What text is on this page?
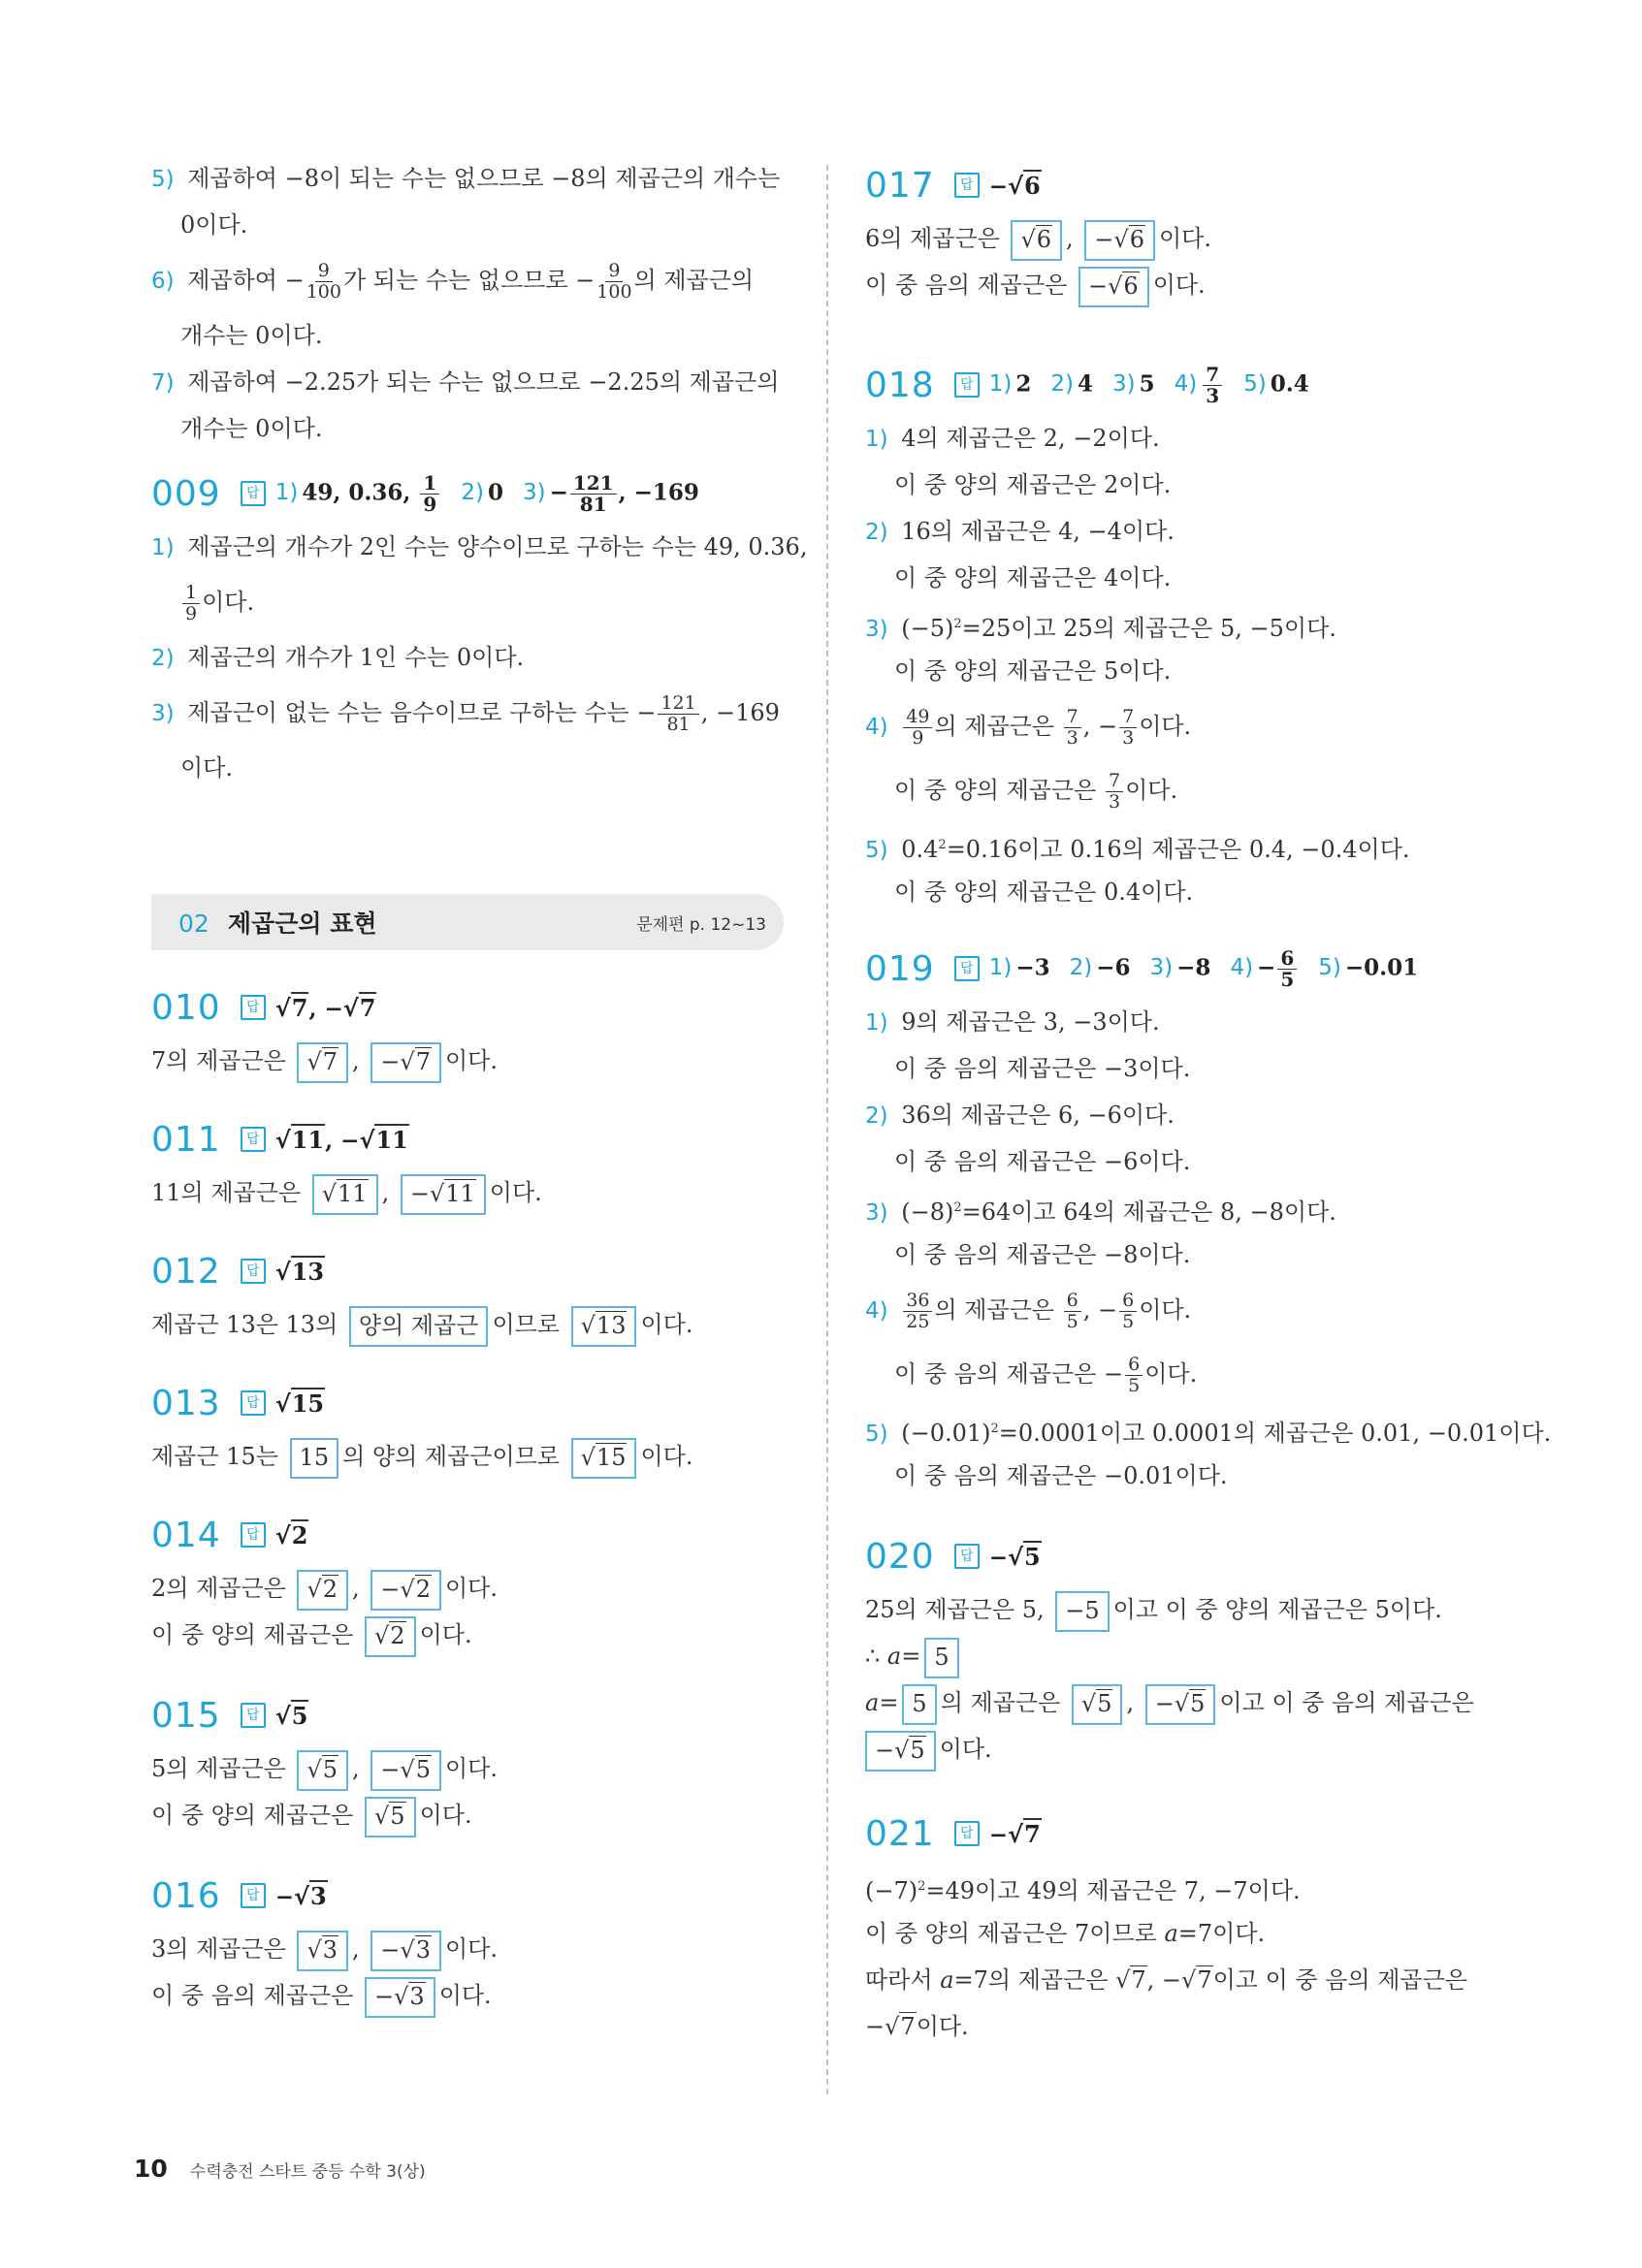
5) 제곱하여 −8이 되는 수는 없으므로 −8의 제곱근의 개수는
0이다.
6) 제곱하여 − $\frac{9}{100}$ 가 되는 수는 없으므로 − $\frac{9}{100}$ 의 제곱근의
개수는 0이다.
7) 제곱하여 −2.25가 되는 수는 없으므로 −2.25의 제곱근의
개수는 0이다.
009	답 1) 49, 0.36, $\frac{1}{9} 2$) 0 $3) - \frac{121}{81}$ , −169
1) 제곱근의 개수가 2인 수는 양수이므로 구하는 수는 49, 0.36,
$\frac{1}{9}$ 이다.
2) 제곱근의 개수가 1인 수는 0이다.
3) 제곱근이 없는 수는 음수이므로 구하는 수는 − $\frac{121}{81}$ , −169
이다.
02 제곱근의 표현	문제편 p. 12~13
010	답 √7, −√7
7의 제곱근은 √7 , −√7 이다.
011	답 √11, −√11
11의 제곱근은 √11 , −√11 이다.
012	답 √13
제곱근 13은 13의 양의 제곱근 이므로 √13 이다.
013	답 √15
제곱근 15는 15 의 양의 제곱근이므로 √15 이다.
014	답 √2
2의 제곱근은 √2 , −√2 이다.
이 중 양의 제곱근은 √2 이다.
015	답 √5
5의 제곱근은 √5 , −√5 이다.
이 중 양의 제곱근은 √5 이다.
016	답 −√3
3의 제곱근은 √3 , −√3 이다.
이 중 음의 제곱근은 −√3 이다.
017	답 −√6
6의 제곱근은 √6 , −√6 이다.
이 중 음의 제곱근은 −√6 이다.
018	답 1) 2 2) 4 3) 5 $4) \frac{7}{3} 5$) 0.4
1) 4의 제곱근은 2, −2이다.
이 중 양의 제곱근은 2이다.
2) 16의 제곱근은 4, −4이다.
이 중 양의 제곱근은 4이다.
3) $(-5)^2=25$이고 25의 제곱근은 5, −5이다.
이 중 양의 제곱근은 5이다.
$4) \frac{49}{9}$ 의 제곱근은 $\frac{7}{3}$ , − $\frac{7}{3}$ 이다.
이 중 양의 제곱근은 $\frac{7}{3}$ 이다.
5) $0.4^2=0.16$이고 0.16의 제곱근은 0.4, −0.4이다.
이 중 양의 제곱근은 0.4이다.
019	답 1) −3 2) −6 3) −8 $4) - \frac{6}{5} 5) -0.01$
1) 9의 제곱근은 3, −3이다.
이 중 음의 제곱근은 −3이다.
2) 36의 제곱근은 6, −6이다.
이 중 음의 제곱근은 −6이다.
3) $(-8)^2=64$이고 64의 제곱근은 8, −8이다.
이 중 음의 제곱근은 −8이다.
$4) \frac{36}{25}$ 의 제곱근은 $\frac{6}{5}$ , − $\frac{6}{5}$ 이다.
이 중 음의 제곱근은 − $\frac{6}{5}$ 이다.
5) $(-0.01)^2=0.0001$이고 0.0001의 제곱근은 0.01, −0.01이다.
이 중 음의 제곱근은 −0.01이다.
020	답 −√5
25의 제곱근은 5, −5 이고 이 중 양의 제곱근은 5이다.
∴ a= 5
a= 5 의 제곱근은 √5 , −√5 이고 이 중 음의 제곱근은
−√5 이다.
021	답 −√7
$(-7)^2=49$이고 49의 제곱근은 7, −7이다.
이 중 양의 제곱근은 7이므로 a=7이다.
따라서 a=7의 제곱근은 √7, −√7이고 이 중 음의 제곱근은
−√7이다.
10 수력충전 스타트 중등 수학 3(상)
